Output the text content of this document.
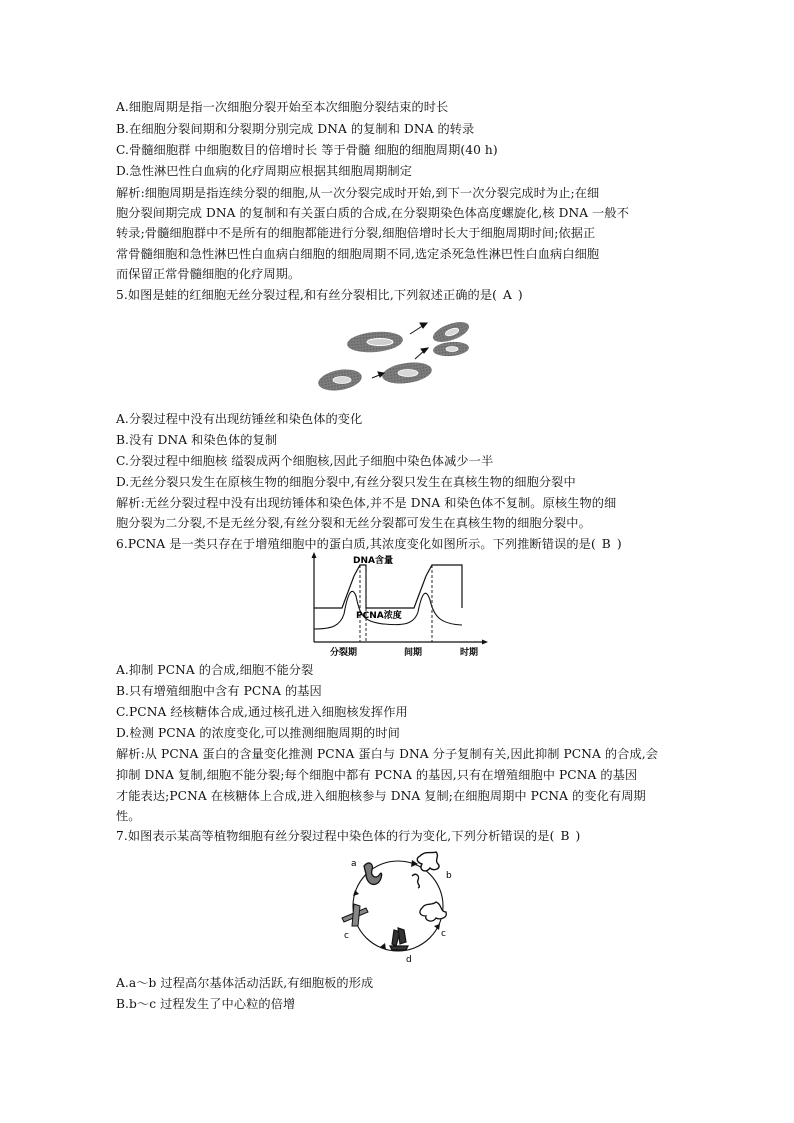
A.细胞周期是指一次细胞分裂开始至本次细胞分裂结束的时长
B.在细胞分裂间期和分裂期分别完成 DNA 的复制和 DNA 的转录
C.骨髓细胞群 中细胞数目的倍增时长 等于骨髓 细胞的细胞周期(40 h)
D.急性淋巴性白血病的化疗周期应根据其细胞周期制定
解析:细胞周期是指连续分裂的细胞,从一次分裂完成时开始,到下一次分裂完成时为止;在细
胞分裂间期完成 DNA 的复制和有关蛋白质的合成,在分裂期染色体高度螺旋化,核 DNA 一般不
转录;骨髓细胞群中不是所有的细胞都能进行分裂,细胞倍增时长大于细胞周期时间;依据正
常骨髓细胞和急性淋巴性白血病白细胞的细胞周期不同,选定杀死急性淋巴性白血病白细胞
而保留正常骨髓细胞的化疗周期。
5.如图是蛙的红细胞无丝分裂过程,和有丝分裂相比,下列叙述正确的是( A )
A.分裂过程中没有出现纺锤丝和染色体的变化
B.没有 DNA 和染色体的复制
C.分裂过程中细胞核 缢裂成两个细胞核,因此子细胞中染色体减少一半
D.无丝分裂只发生在原核生物的细胞分裂中,有丝分裂只发生在真核生物的细胞分裂中
解析:无丝分裂过程中没有出现纺锤体和染色体,并不是 DNA 和染色体不复制。原核生物的细
胞分裂为二分裂,不是无丝分裂,有丝分裂和无丝分裂都可发生在真核生物的细胞分裂中。
6.PCNA 是一类只存在于增殖细胞中的蛋白质,其浓度变化如图所示。下列推断错误的是( B )
DNA含量
PCNA浓度
分裂期	间期	时期
A.抑制 PCNA 的合成,细胞不能分裂
B.只有增殖细胞中含有 PCNA 的基因
C.PCNA 经核糖体合成,通过核孔进入细胞核发挥作用
D.检测 PCNA 的浓度变化,可以推测细胞周期的时间
解析:从 PCNA 蛋白的含量变化推测 PCNA 蛋白与 DNA 分子复制有关,因此抑制 PCNA 的合成,会
抑制 DNA 复制,细胞不能分裂;每个细胞中都有 PCNA 的基因,只有在增殖细胞中 PCNA 的基因
才能表达;PCNA 在核糖体上合成,进入细胞核参与 DNA 复制;在细胞周期中 PCNA 的变化有周期
性。
7.如图表示某高等植物细胞有丝分裂过程中染色体的行为变化,下列分析错误的是( B )
a
b
c	c
d
A.a～b 过程高尔基体活动活跃,有细胞板的形成
B.b～c 过程发生了中心粒的倍增
